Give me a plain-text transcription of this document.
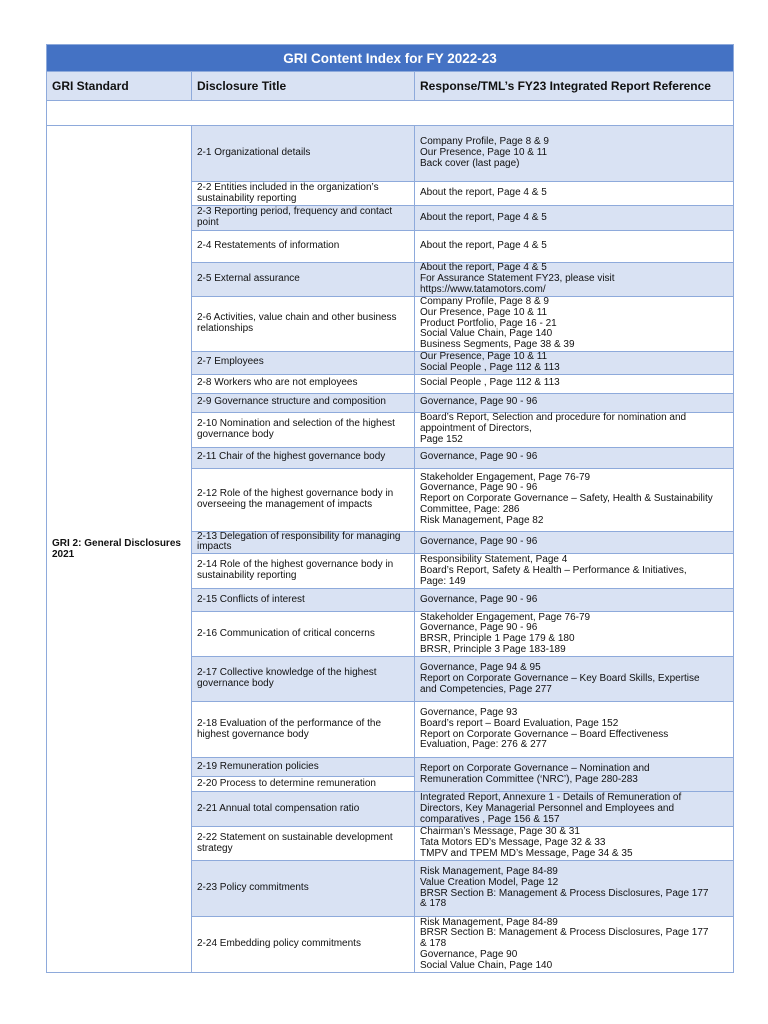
GRI Content Index for FY 2022-23		
GRI Standard	Disclosure Title	Response/TML’s FY23 Integrated Report Reference

GRI 2: General Disclosures 2021	2-1 Organizational details	Company Profile, Page 8 & 9
Our Presence, Page 10 & 11
Back cover (last page)

	2-2 Entities included in the organization’s sustainability reporting	About the report, Page 4 & 5

	2-3 Reporting period, frequency and contact point	About the report, Page 4 & 5

	2-4 Restatements of information	About the report, Page 4 & 5

	2-5 External assurance	About the report, Page 4 & 5
For Assurance Statement FY23, please visit
https://www.tatamotors.com/

	2-6 Activities, value chain and other business relationships	Company Profile, Page 8 & 9
Our Presence, Page 10 & 11
Product Portfolio, Page 16 - 21
Social Value Chain, Page 140
Business Segments, Page 38 & 39

	2-7 Employees	Our Presence, Page 10 & 11
Social People , Page 112 & 113

	2-8 Workers who are not employees	Social People , Page 112 & 113

	2-9 Governance structure and composition	Governance, Page 90 - 96

	2-10 Nomination and selection of the highest governance body	Board’s Report, Selection and procedure for nomination and
appointment of Directors,
Page 152

	2-11 Chair of the highest governance body	Governance, Page 90 - 96

	2-12 Role of the highest governance body in overseeing the management of impacts	Stakeholder Engagement, Page 76-79
Governance, Page 90 - 96
Report on Corporate Governance – Safety, Health & Sustainability
Committee, Page: 286
Risk Management, Page 82

	2-13 Delegation of responsibility for managing impacts	Governance, Page 90 - 96

	2-14 Role of the highest governance body in sustainability reporting	Responsibility Statement, Page 4
Board’s Report, Safety & Health – Performance & Initiatives,
Page: 149

	2-15 Conflicts of interest	Governance, Page 90 - 96

	2-16 Communication of critical concerns	Stakeholder Engagement, Page 76-79
Governance, Page 90 - 96
BRSR, Principle 1 Page 179 & 180
BRSR, Principle 3 Page 183-189

	2-17 Collective knowledge of the highest governance body	Governance, Page 94 & 95
Report on Corporate Governance – Key Board Skills, Expertise
and Competencies, Page 277

	2-18 Evaluation of the performance of the highest governance body	Governance, Page 93
Board’s report – Board Evaluation, Page 152
Report on Corporate Governance – Board Effectiveness
Evaluation, Page: 276 & 277

	2-19 Remuneration policies	Report on Corporate Governance – Nomination and
Remuneration Committee (‘NRC’), Page 280-283

	2-20 Process to determine remuneration	
	2-21 Annual total compensation ratio	Integrated Report, Annexure 1 - Details of Remuneration of
Directors, Key Managerial Personnel and Employees and
comparatives , Page 156 & 157

	2-22 Statement on sustainable development strategy	Chairman’s Message, Page 30 & 31
Tata Motors ED’s Message, Page 32 & 33
TMPV and TPEM MD’s Message, Page 34 & 35

	2-23 Policy commitments	Risk Management, Page 84-89
Value Creation Model, Page 12
BRSR Section B: Management & Process Disclosures, Page 177
& 178

	2-24 Embedding policy commitments	Risk Management, Page 84-89
BRSR Section B: Management & Process Disclosures, Page 177
& 178
Governance, Page 90
Social Value Chain, Page 140
